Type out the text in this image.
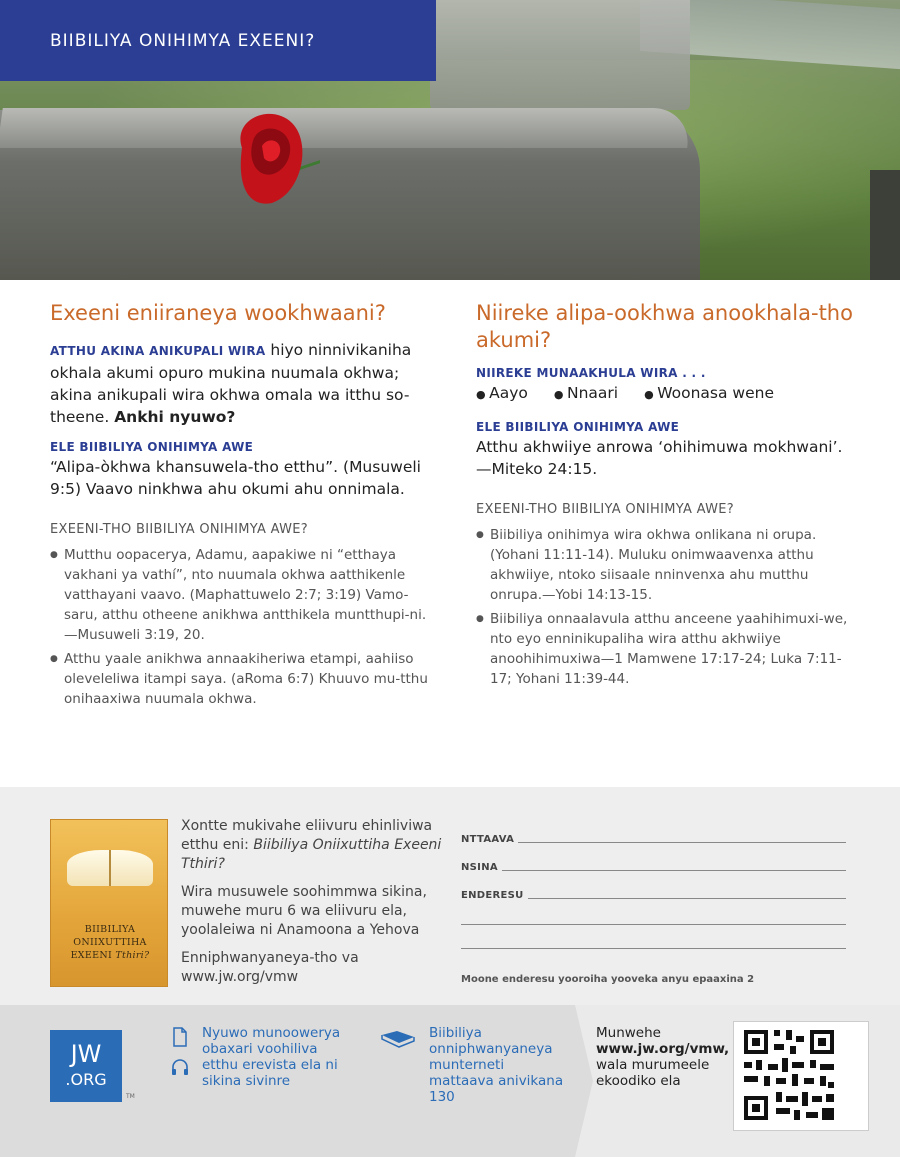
BIIBILIYA ONIHIMYA EXEENI?
Exeeni eniiraneya wookhwaani?

ATTHU AKINA ANIKUPALI WIRA hiyo ninnivikaniha okhala akumi opuro mukina nuumala okhwa; akina anikupali wira okhwa omala wa itthu so-theene. Ankhi nyuwo?

ELE BIIBILIYA ONIHIMYA AWE

“Alipa-òkhwa khansuwela-tho etthu”. (Musuweli 9:5) Vaavo ninkhwa ahu okumi ahu onnimala.

EXEENI-THO BIIBILIYA ONIHIMYA AWE?
● Mutthu oopacerya, Adamu, aapakiwe ni “etthaya vakhani ya vathí”, nto nuumala okhwa aatthikenle vatthayani vaavo. (Maphattuwelo 2:7; 3:19) Vamo-saru, atthu otheene anikhwa antthikela muntthupi-ni.—Musuweli 3:19, 20.
● Atthu yaale anikhwa annaakiheriwa etampi, aahiiso oleveleliwa itampi saya. (aRoma 6:7) Khuuvo mu-tthu onihaaxiwa nuumala okhwa.
Niireke alipa-ookhwa anookhala-tho akumi?
NIIREKE MUNAAKHULA WIRA . . .
● Aayo	● Nnaari	● Woonasa wene
ELE BIIBILIYA ONIHIMYA AWE

Atthu akhwiiye anrowa ‘ohihimuwa mokhwani’. —Miteko 24:15.

EXEENI-THO BIIBILIYA ONIHIMYA AWE?
● Biibiliya onihimya wira okhwa onlikana ni orupa. (Yohani 11:11-14). Muluku onimwaavenxa atthu akhwiiye, ntoko siisaale nninvenxa ahu mutthu onrupa.—Yobi 14:13-15.
● Biibiliya onnaalavula atthu anceene yaahihimuxi-we, nto eyo enninikupaliha wira atthu akhwiiye anoohihimuxiwa—1 Mamwene 17:17-24; Luka 7:11-17; Yohani 11:39-44.
BIIBILIYA
ONIIXUTTIHA
EXEENI Tthiri?

Xontte mukivahe eliivuru ehinliviwa etthu eni: Biibiliya Oniixuttiha Exeeni Tthiri?

Wira musuwele soohimmwa sikina, muwehe muru 6 wa eliivuru ela, yoolaleiwa ni Anamoona a Yehova

Enniphwanyaneya-tho va www.jw.org/vmw

NTTAAVA
NSINA
ENDERESU
Moone enderesu yooroiha yooveka anyu epaaxina 2
JW
.ORG
TM
Nyuwo munoowerya obaxari voohiliva etthu erevista ela ni sikina sivinre
Biibiliya onniphwanyaneya munterneti mattaava anivikana 130
Munwehe
www.jw.org/vmw,
wala murumeele ekoodiko ela
